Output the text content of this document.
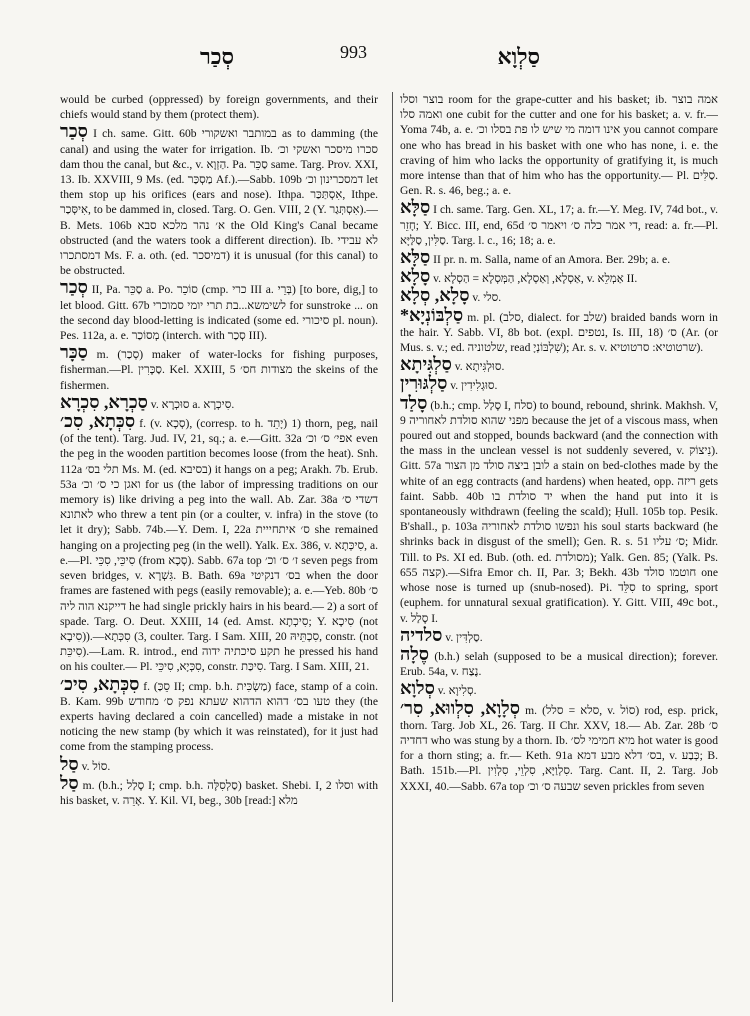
סְכַר	993	סַלְוָא

would be curbed (oppressed) by foreign governments, and their chiefs would stand by them (protect them).

סְכַר I ch. same. Gitt. 60b במותבר ואשקורי as to damming (the canal) and using the water for irrigation. Ib. סכרו מיסכר ואשקי וכ׳ dam thou the canal, but &c., v. הַזְוָא. Pa. סַכֵּר same. Targ. Prov. XXI, 13. Ib. XXVIII, 9 Ms. (ed. מַסְכַּר Af.).—Sabb. 109b דמסכרינון וכ׳ let them stop up his orifices (ears and nose). Ithpa. אִסְתַּכַּר, Ithpe. אִיסְּכַר, to be dammed in, closed. Targ. O. Gen. VIII, 2 (Y. אִסְתְּגַר).—B. Mets. 106b א׳ נהר מלכא סבא the Old King's Canal became obstructed (and the waters took a different direction). Ib. לא עבידי דמסתכרו Ms. F. a. oth. (ed. דמיסכר) it is unusual (for this canal) to be obstructed.

סְכַר II, Pa. סַכֵּר a. Po. סוֹכֵר (cmp. כרי III a. בְּרֵי) [to bore, dig,] to let blood. Gitt. 67b לשימשא...בת תרי יומי סמוכרי for sunstroke ... on the second day blood-letting is indicated (some ed. סיכורי pl. noun). Pes. 112a, a. e. מְסוֹכַר (interch. with סְכַר III).

סַכָּר m. (סְכַר) maker of water-locks for fishing purposes, fisherman.—Pl. סַכָּרִין. Kel. XXIII, 5 מצודות חס׳ the skeins of the fishermen.

סַכְרָא, סִכְרָא v. סוּכְרָא a. סִיכְרָא.

סִכְּתָא, סִכ׳ f. (v. סְכָא), (corresp. to h. יָתֵד) 1) thorn, peg, nail (of the tent). Targ. Jud. IV, 21, sq.; a. e.—Gitt. 32a אפי׳ ס׳ וכ׳ even the peg in the wooden partition becomes loose (from the heat). Snh. 112a תלי בס׳ Ms. M. (ed. בסיבא) it hangs on a peg; Arakh. 7b. Erub. 53a ואגן כי ס׳ וכ׳ for us (the labor of impressing traditions on our memory is) like driving a peg into the wall. Ab. Zar. 38a דשדי ס׳ לאתונא who threw a tent pin (or a coulter, v. infra) in the stove (to let it dry); Sabb. 74b.—Y. Dem. I, 22a ס׳ איתחייית she remained hanging on a projecting peg (in the well). Yalk. Ex. 386, v. סִיכְּתָא, a. e.—Pl. סִיכֵּי, סִכֵּי (from סְכָא). Sabb. 67a top ז׳ ס׳ וכ׳ seven pegs from seven bridges, v. גִּשְׁרָא. B. Bath. 69a בס׳ דנקיטי when the door frames are fastened with pegs (easily removable); a. e.—Yeb. 80b ס׳ דייקנא הוה ליה he had single prickly hairs in his beard.— 2) a sort of spade. Targ. O. Deut. XXIII, 14 (ed. Amst. סִיכְתָא; Y. סִיכָא (not סִיבָא)).—3) סִכְּתָא, coulter. Targ. I Sam. XIII, 20 סִכְתֵּיהּ, constr. (not סִיכֵּת).—Lam. R. introd., end תקע סיכתיה ידוה he pressed his hand on his coulter.— Pl. סִכְּיָא, סִיכֵּי, constr. סִיכַּת. Targ. I Sam. XIII, 21.

סִכְּתָא, סִיכ׳ f. (סֵכַּ II; cmp. b.h. מַשְׂכִּית) face, stamp of a coin. B. Kam. 99b טעו בס׳ דהוא הדהוא שעתא נפק ס׳ מחודש they (the experts having declared a coin cancelled) made a mistake in not noticing the new stamp (by which it was reinstated), for it just had come from the stamping process.

סַל v. סוֹל.

סַל m. (b.h.; סָלַל I; cmp. b.h. סַלְסִלָּה) basket. Shebi. I, 2 וסלו with his basket, v. אָרֵה. Y. Kil. VI, beg., 30b [read:] מלא

בוצר וסלו room for the grape-cutter and his basket; ib. אמה בוצר ואמה סלו one cubit for the cutter and one for his basket; a. v. fr.—Yoma 74b, a. e. אינו דומה מי שיש לו פת בסלו וכ׳ you cannot compare one who has bread in his basket with one who has none, i. e. the craving of him who lacks the opportunity of gratifying it, is much more intense than that of him who has the opportunity.— Pl. סַלִּים. Gen. R. s. 46, beg.; a. e.

סַלָּא I ch. same. Targ. Gen. XL, 17; a. fr.—Y. Meg. IV, 74d bot., v. חָזֵר; Y. Bicc. III, end, 65d די אמר כלה ס׳ ויאמר ס׳, read: a. fr.—Pl. סַלִּין, סַלַּיָּא. Targ. l. c., 16; 18; a. e.

סַלָּא II pr. n. m. Salla, name of an Amora. Ber. 29b; a. e.

סָלָא v. אַסְלָא, וְאַסְלָא, הַמְּסְלָא = הַסְלָא, v. אַמְלֵא II.

סָלָא, סְלָא v. סלי.

*סַלְבּוֹנְיָא m. pl. (סלב, dialect. for שלב) braided bands worn in the hair. Y. Sabb. VI, 8b bot. (expl. נטפים, Is. III, 18) ס׳ (Ar. (or Mus. s. v.; ed. שלטוניה, read שִׁלְבּוֹנְיָ); Ar. s. v. שרטוטיא: סרטוטיא).

סַלְגִּיתָא v. סוּלְגִּיתָא.

סַלְגּוּרִין v. סוּגְלִידִין.

סָלַד (b.h.; cmp. סָלַל I, סלח) to bound, rebound, shrink. Makhsh. V, 9 מפני שהוא סולדת לאחוריה because the jet of a viscous mass, when poured out and stopped, bounds backward (and the connection with the mass in the unclean vessel is not suddenly severed, v. נִיצוֹק). Gitt. 57a לובן ביצה סולד מן הצור a stain on bed-clothes made by the white of an egg contracts (and hardens) when heated, opp. ריזה gets faint. Sabb. 40b יד סולדת בו when the hand put into it is spontaneously withdrawn (feeling the scald); Ḥull. 105b top. Pesik. B'shall., p. 103a ונפשו סולדת לאחוריה his soul starts backward (he shrinks back in disgust of the smell); Gen. R. s. 51 ס׳ עליו; Midr. Till. to Ps. XI ed. Bub. (oth. ed. מסולדת); Yalk. Gen. 85; (Yalk. Ps. 655 קצה).—Sifra Emor ch. II, Par. 3; Bekh. 43b חוטמו סולד one whose nose is turned up (snub-nosed). Pi. סִלֵּד to spring, sport (euphem. for unnatural sexual gratification). Y. Gitt. VIII, 49c bot., v. סָלַל I.

סלדיה v. סַלְדִּין.

סֶלָה (b.h.) selah (supposed to be a musical direction); forever. Erub. 54a, v. נֶצַח.

סְלוָא v. סְלִיוָא.

סְלָוָא, סִלְווּא, סִר׳ m. (סלא = סלל, v. סוֹל) rod, esp. prick, thorn. Targ. Job XL, 26. Targ. II Chr. XXV, 18.— Ab. Zar. 28b ס׳ דחדיה who was stung by a thorn. Ib. מיא חמימי לס׳ hot water is good for a thorn sting; a. fr.— Keth. 91a בס׳ דלא מבע דמא, v. כְּבַע; B. Bath. 151b.—Pl. סִלְוַיָּא, סִלְוֵי, סִלְוִין. Targ. Cant. II, 2. Targ. Job XXXI, 40.—Sabb. 67a top שבעה ס׳ וכ׳ seven prickles from seven
